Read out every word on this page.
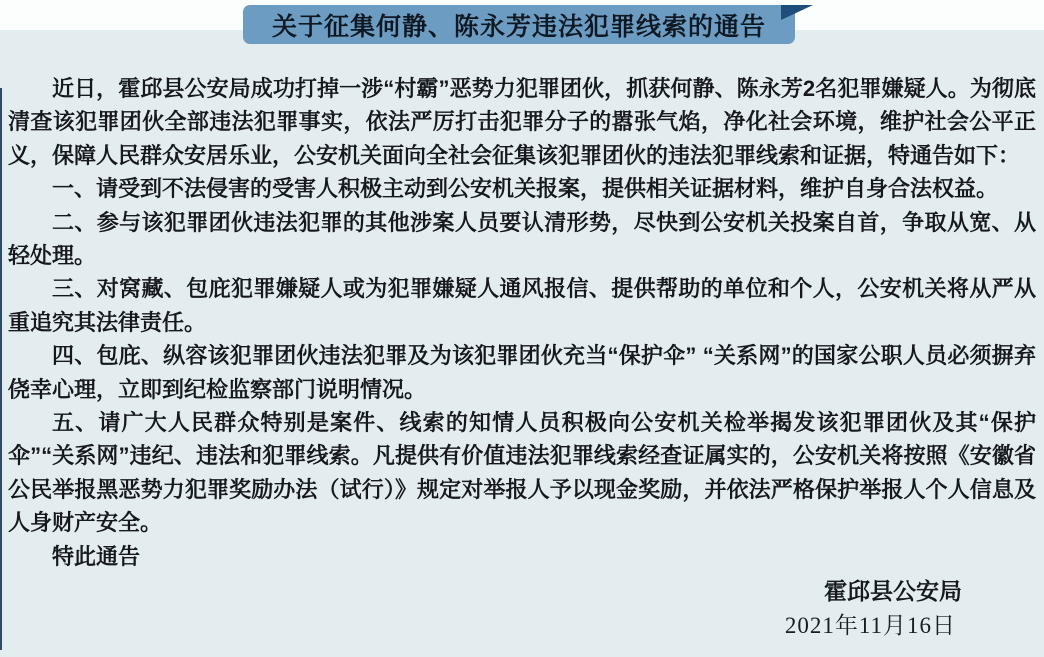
关于征集何静、陈永芳违法犯罪线索的通告

近日，霍邱县公安局成功打掉一涉“村霸”恶势力犯罪团伙，抓获何静、陈永芳2名犯罪嫌疑人。为彻底清查该犯罪团伙全部违法犯罪事实，依法严厉打击犯罪分子的嚣张气焰，净化社会环境，维护社会公平正义，保障人民群众安居乐业，公安机关面向全社会征集该犯罪团伙的违法犯罪线索和证据，特通告如下：

一、请受到不法侵害的受害人积极主动到公安机关报案，提供相关证据材料，维护自身合法权益。

二、参与该犯罪团伙违法犯罪的其他涉案人员要认清形势，尽快到公安机关投案自首，争取从宽、从轻处理。

三、对窝藏、包庇犯罪嫌疑人或为犯罪嫌疑人通风报信、提供帮助的单位和个人，公安机关将从严从重追究其法律责任。

四、包庇、纵容该犯罪团伙违法犯罪及为该犯罪团伙充当“保护伞” “关系网”的国家公职人员必须摒弃侥幸心理，立即到纪检监察部门说明情况。

五、请广大人民群众特别是案件、线索的知情人员积极向公安机关检举揭发该犯罪团伙及其“保护伞”“关系网”违纪、违法和犯罪线索。凡提供有价值违法犯罪线索经查证属实的，公安机关将按照《安徽省公民举报黑恶势力犯罪奖励办法（试行）》规定对举报人予以现金奖励，并依法严格保护举报人个人信息及人身财产安全。

特此通告

霍邱县公安局
2021年11月16日
